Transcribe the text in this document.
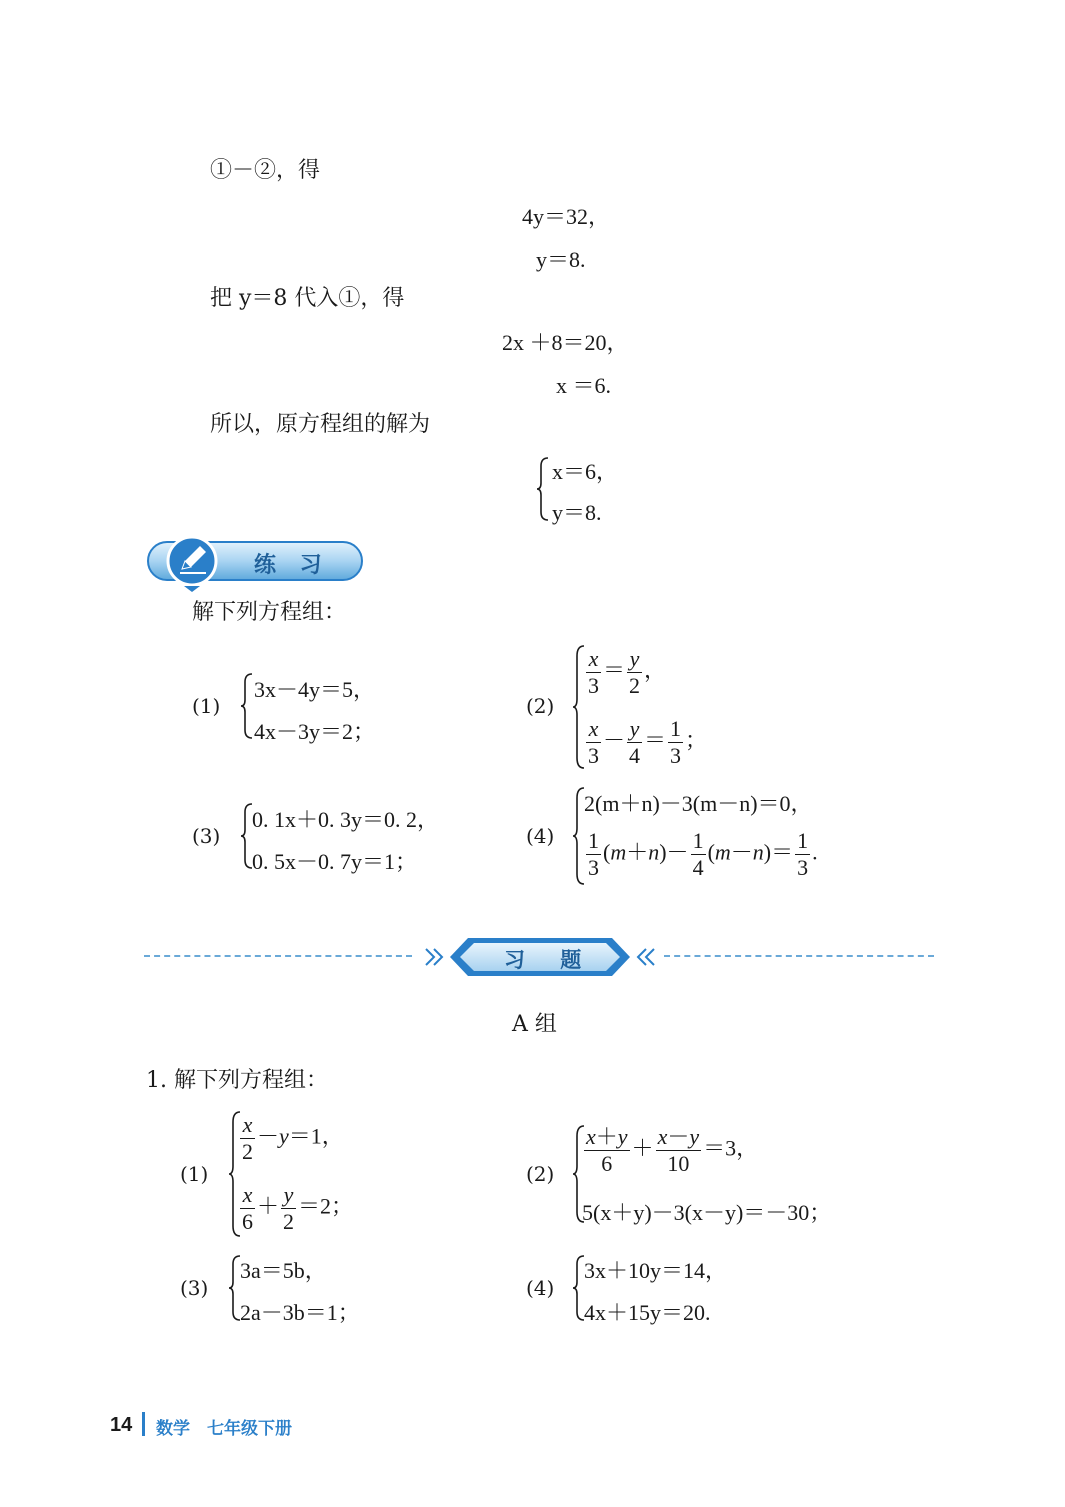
①－②，得
4y＝32，
y＝8.
把 y＝8 代入①，得
2x ＋8＝20，
x ＝6.
所以，原方程组的解为
x＝6，
y＝8.
练 习
解下列方程组：
(1)
3x－4y＝5，
4x－3y＝2；
(2)
$\frac{x}{3} = \frac{y}{2}$ ，
$\frac{x}{3} - \frac{y}{4} = \frac{1}{3}$ ；
(3)
0. 1x＋0. 3y＝0. 2，
0. 5x－0. 7y＝1；
(4)
2(m＋n)－3(m－n)＝0，
$\frac{1}{3} (m+n)- \frac{1}{4} (m-n)= \frac{1}{3}$ .
习 题
A 组
1. 解下列方程组：
(1)
$\frac{x}{2} -y=1$，
$\frac{x}{6} + \frac{y}{2} =2$；
$(2) \frac{x+y}{6} + \frac{x-y}{10} =3$，
5(x＋y)－3(x－y)＝－30；
(3)
3a＝5b，
2a－3b＝1；
(4)
3x＋10y＝14，
4x＋15y＝20.
14 数学　七年级下册
